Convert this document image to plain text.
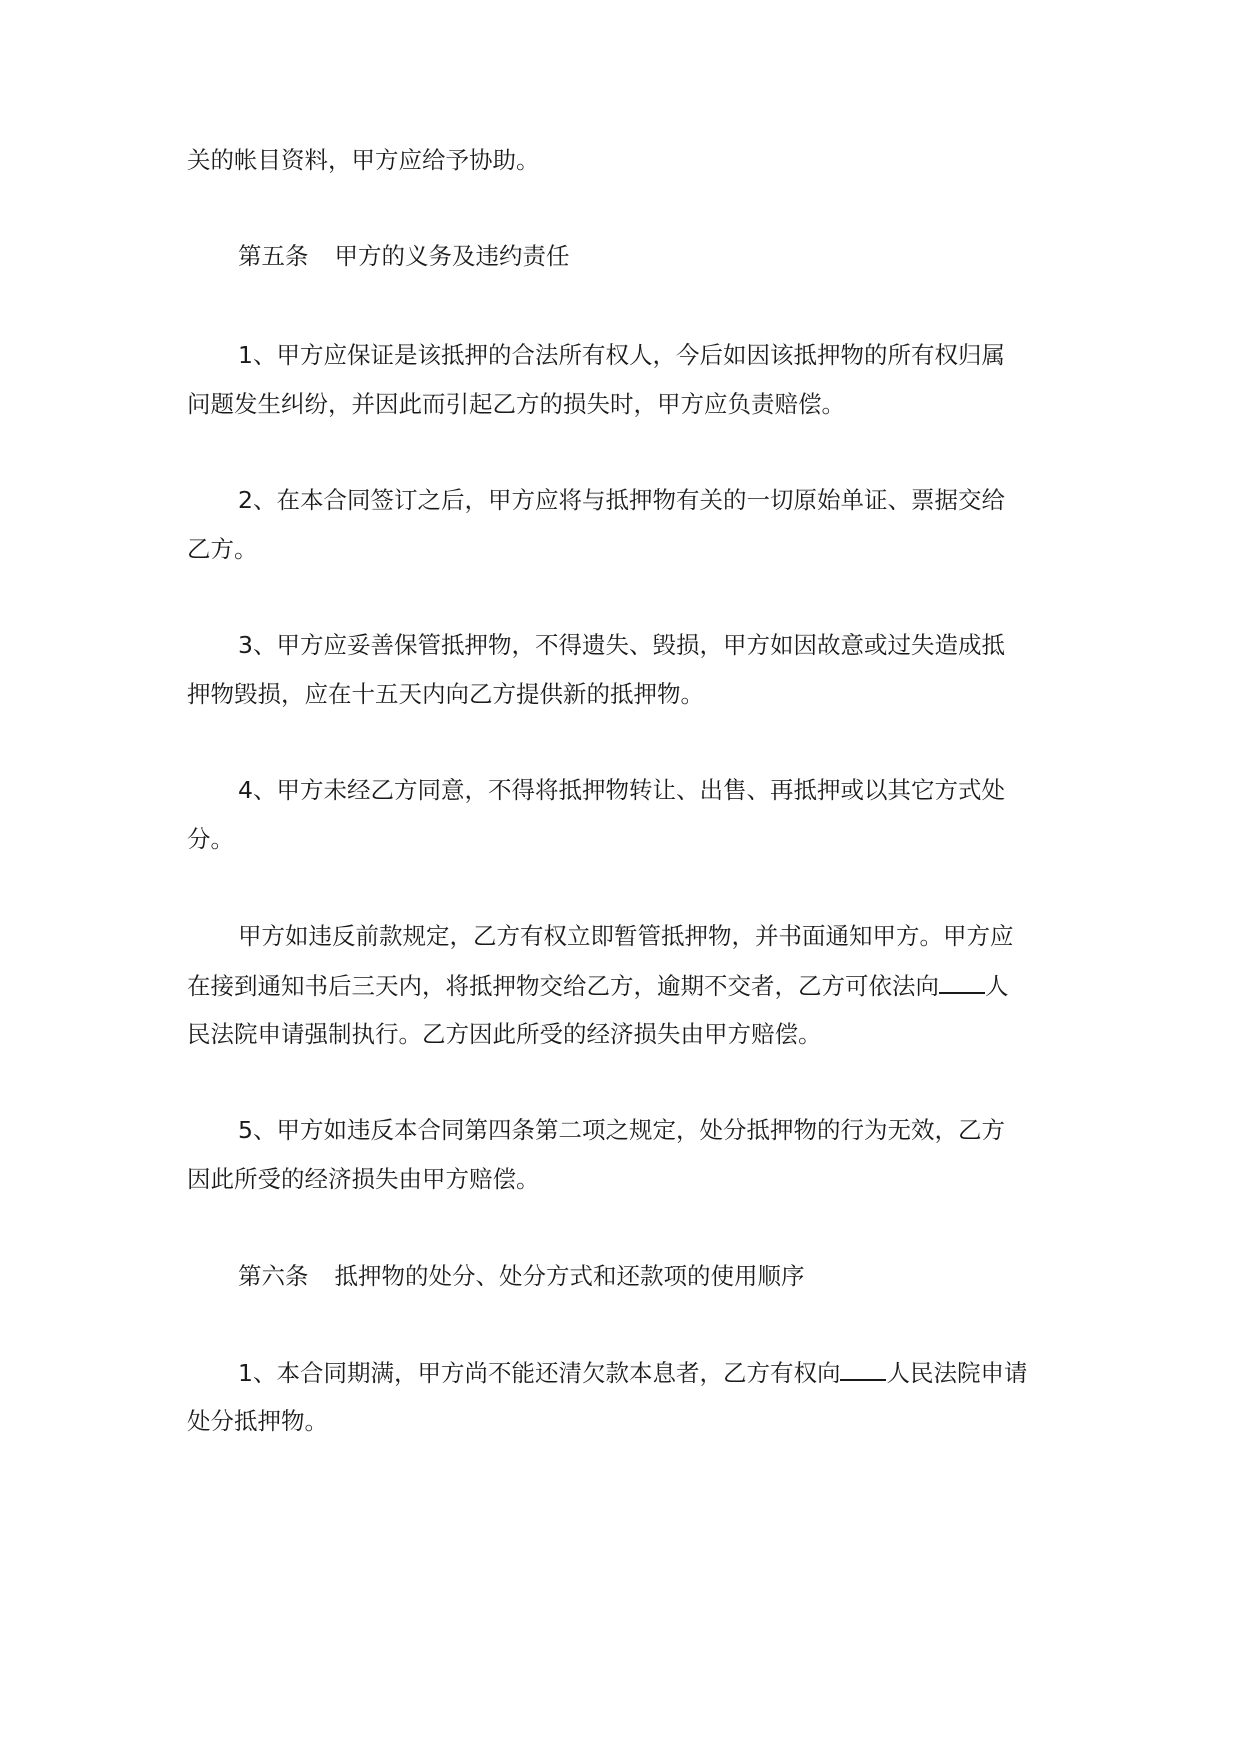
关的帐目资料，甲方应给予协助。
第五条 甲方的义务及违约责任
1、甲方应保证是该抵押的合法所有权人，今后如因该抵押物的所有权归属
问题发生纠纷，并因此而引起乙方的损失时，甲方应负责赔偿。
2、在本合同签订之后，甲方应将与抵押物有关的一切原始单证、票据交给
乙方。
3、甲方应妥善保管抵押物，不得遗失、毁损，甲方如因故意或过失造成抵
押物毁损，应在十五天内向乙方提供新的抵押物。
4、甲方未经乙方同意，不得将抵押物转让、出售、再抵押或以其它方式处
分。
甲方如违反前款规定，乙方有权立即暂管抵押物，并书面通知甲方。甲方应
在接到通知书后三天内，将抵押物交给乙方，逾期不交者，乙方可依法向 人
民法院申请强制执行。乙方因此所受的经济损失由甲方赔偿。
5、甲方如违反本合同第四条第二项之规定，处分抵押物的行为无效，乙方
因此所受的经济损失由甲方赔偿。
第六条 抵押物的处分、处分方式和还款项的使用顺序
1、本合同期满，甲方尚不能还清欠款本息者，乙方有权向 人民法院申请
处分抵押物。
